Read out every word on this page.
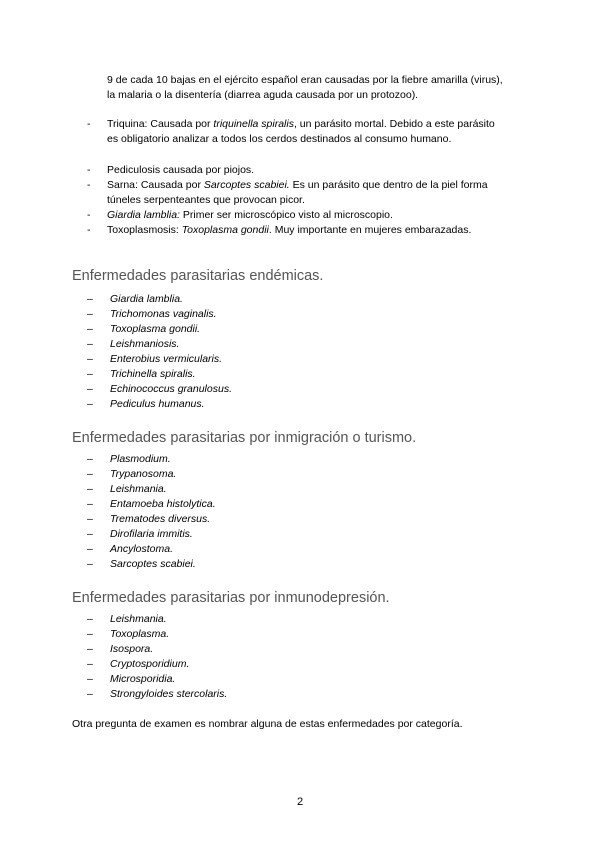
9 de cada 10 bajas en el ejército español eran causadas por la fiebre amarilla (virus),
la malaria o la disentería (diarrea aguda causada por un protozoo).
- Triquina: Causada por triquinella spiralis, un parásito mortal. Debido a este parásito
es obligatorio analizar a todos los cerdos destinados al consumo humano.
- Pediculosis causada por piojos.
- Sarna: Causada por Sarcoptes scabiei. Es un parásito que dentro de la piel forma
túneles serpenteantes que provocan picor.
- Giardia lamblia: Primer ser microscópico visto al microscopio.
- Toxoplasmosis: Toxoplasma gondii. Muy importante en mujeres embarazadas.
Enfermedades parasitarias endémicas.
– Giardia lamblia.
– Trichomonas vaginalis.
– Toxoplasma gondii.
– Leishmaniosis.
– Enterobius vermicularis.
– Trichinella spiralis.
– Echinococcus granulosus.
– Pediculus humanus.
Enfermedades parasitarias por inmigración o turismo.
– Plasmodium.
– Trypanosoma.
– Leishmania.
– Entamoeba histolytica.
– Trematodes diversus.
– Dirofilaria immitis.
– Ancylostoma.
– Sarcoptes scabiei.
Enfermedades parasitarias por inmunodepresión.
– Leishmania.
– Toxoplasma.
– Isospora.
– Cryptosporidium.
– Microsporidia.
– Strongyloides stercolaris.
Otra pregunta de examen es nombrar alguna de estas enfermedades por categoría.
2
